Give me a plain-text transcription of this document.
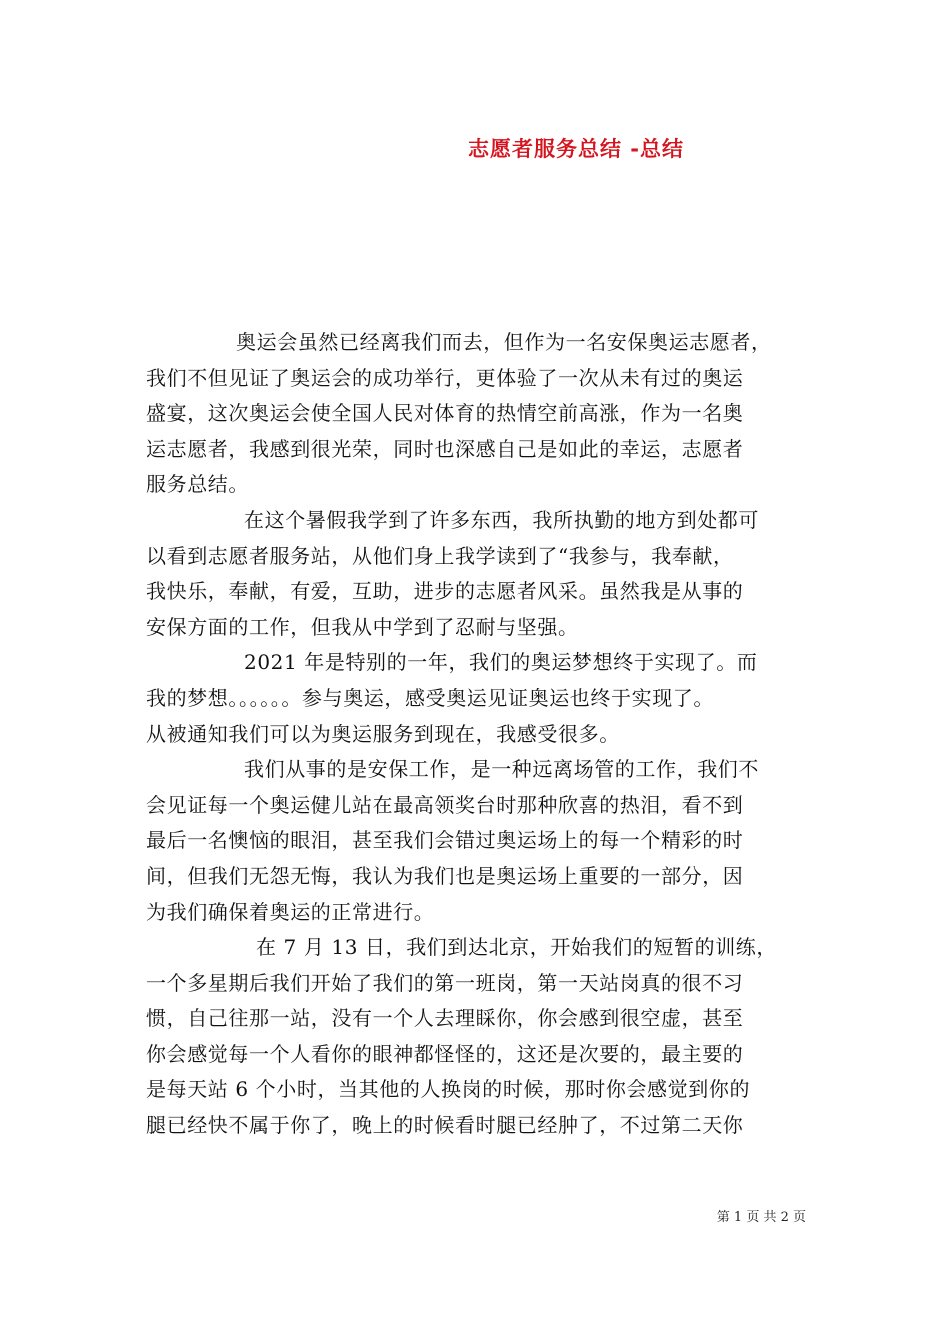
志愿者服务总结 -总结

奥运会虽然已经离我们而去，但作为一名安保奥运志愿者，
我们不但见证了奥运会的成功举行，更体验了一次从未有过的奥运
盛宴，这次奥运会使全国人民对体育的热情空前高涨，作为一名奥
运志愿者，我感到很光荣，同时也深感自己是如此的幸运，志愿者
服务总结。

在这个暑假我学到了许多东西，我所执勤的地方到处都可
以看到志愿者服务站，从他们身上我学读到了“我参与，我奉献，
我快乐，奉献，有爱，互助，进步的志愿者风采。虽然我是从事的
安保方面的工作，但我从中学到了忍耐与坚强。

2021 年是特别的一年，我们的奥运梦想终于实现了。而
我的梦想。。。。。。参与奥运，感受奥运见证奥运也终于实现了。
从被通知我们可以为奥运服务到现在，我感受很多。

我们从事的是安保工作，是一种远离场管的工作，我们不
会见证每一个奥运健儿站在最高领奖台时那种欣喜的热泪，看不到
最后一名懊恼的眼泪，甚至我们会错过奥运场上的每一个精彩的时
间，但我们无怨无悔，我认为我们也是奥运场上重要的一部分，因
为我们确保着奥运的正常进行。

在 7 月 13 日，我们到达北京，开始我们的短暂的训练，
一个多星期后我们开始了我们的第一班岗，第一天站岗真的很不习
惯，自己往那一站，没有一个人去理睬你，你会感到很空虚，甚至
你会感觉每一个人看你的眼神都怪怪的，这还是次要的，最主要的
是每天站 6 个小时，当其他的人换岗的时候，那时你会感觉到你的
腿已经快不属于你了，晚上的时候看时腿已经肿了，不过第二天你

第 1 页 共 2 页
